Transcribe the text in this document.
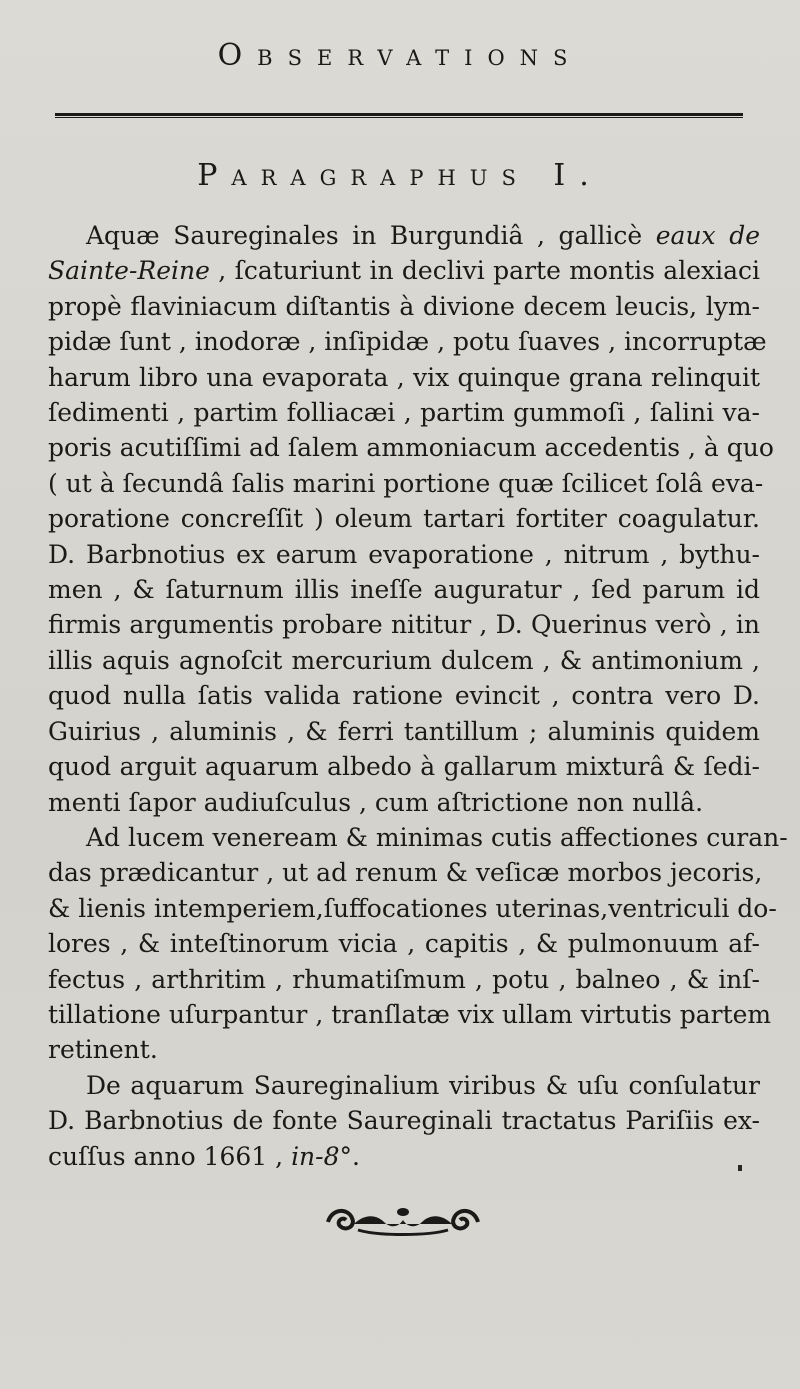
Observations
Paragraphus I.
Aquæ Saureginales in Burgundiâ , gallicè eaux de
Sainte-Reine , ſcaturiunt in declivi parte montis alexiaci
propè flaviniacum diſtantis à divione decem leucis, lym-
pidæ ſunt , inodoræ , inſipidæ , potu ſuaves , incorruptæ
harum libro una evaporata , vix quinque grana relinquit
ſedimenti , partim folliacæi , partim gummoſi , ſalini va-
poris acutiſſimi ad ſalem ammoniacum accedentis , à quo
( ut à ſecundâ ſalis marini portione quæ ſcilicet ſolâ eva-
poratione concreſſit ) oleum tartari fortiter coagulatur.
D. Barbnotius ex earum evaporatione , nitrum , bythu-
men , & ſaturnum illis ineſſe auguratur , ſed parum id
firmis argumentis probare nititur , D. Querinus verò , in
illis aquis agnoſcit mercurium dulcem , & antimonium ,
quod nulla ſatis valida ratione evincit , contra vero D.
Guirius , aluminis , & ferri tantillum ; aluminis quidem
quod arguit aquarum albedo à gallarum mixturâ & ſedi-
menti ſapor audiuſculus , cum aſtrictione non nullâ.
Ad lucem veneream & minimas cutis affectiones curan-
das prædicantur , ut ad renum & veſicæ morbos jecoris,
& lienis intemperiem,ſuffocationes uterinas,ventriculi do-
lores , & inteſtinorum vicia , capitis , & pulmonuum af-
fectus , arthritim , rhumatiſmum , potu , balneo , & inſ-
tillatione uſurpantur , tranſlatæ vix ullam virtutis partem
retinent.
De aquarum Saureginalium viribus & uſu conſulatur
D. Barbnotius de fonte Saureginali tractatus Pariſiis ex-
cuſſus anno 1661 , in-8°.
